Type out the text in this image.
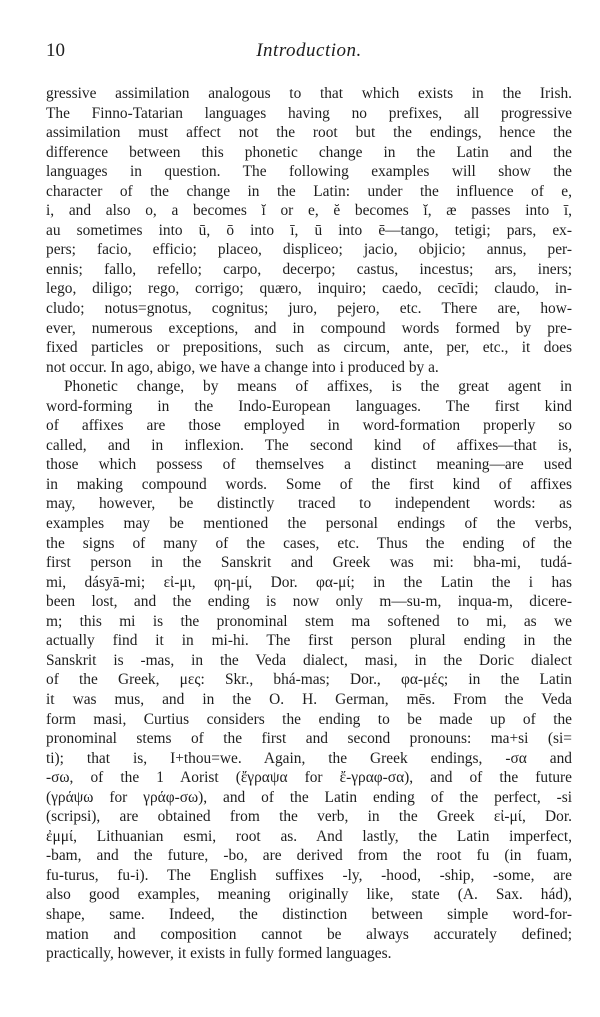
10	Introduction.
gressive assimilation analogous to that which exists in the Irish.
The Finno-Tatarian languages having no prefixes, all progressive
assimilation must affect not the root but the endings, hence the
difference between this phonetic change in the Latin and the
languages in question. The following examples will show the
character of the change in the Latin: under the influence of e,
i, and also o, a becomes ĭ or e, ĕ becomes ĭ, æ passes into ī,
au sometimes into ū, ō into ī, ū into ē—tango, tetigi; pars, ex-
pers; facio, efficio; placeo, displiceo; jacio, objicio; annus, per-
ennis; fallo, refello; carpo, decerpo; castus, incestus; ars, iners;
lego, diligo; rego, corrigo; quæro, inquiro; caedo, cecīdi; claudo, in-
cludo; notus=gnotus, cognitus; juro, pejero, etc. There are, how-
ever, numerous exceptions, and in compound words formed by pre-
fixed particles or prepositions, such as circum, ante, per, etc., it does
not occur. In ago, abigo, we have a change into i produced by a.
Phonetic change, by means of affixes, is the great agent in
word-forming in the Indo-European languages. The first kind
of affixes are those employed in word-formation properly so
called, and in inflexion. The second kind of affixes—that is,
those which possess of themselves a distinct meaning—are used
in making compound words. Some of the first kind of affixes
may, however, be distinctly traced to independent words: as
examples may be mentioned the personal endings of the verbs,
the signs of many of the cases, etc. Thus the ending of the
first person in the Sanskrit and Greek was mi: bha-mi, tudá-
mi, dásyā-mi; εἰ-μι, φη-μί, Dor. φα-μί; in the Latin the i has
been lost, and the ending is now only m—su-m, inqua-m, dicere-
m; this mi is the pronominal stem ma softened to mi, as we
actually find it in mi-hi. The first person plural ending in the
Sanskrit is -mas, in the Veda dialect, masi, in the Doric dialect
of the Greek, μες: Skr., bhá-mas; Dor., φα-μές; in the Latin
it was mus, and in the O. H. German, mēs. From the Veda
form masi, Curtius considers the ending to be made up of the
pronominal stems of the first and second pronouns: ma+si (si=
ti); that is, I+thou=we. Again, the Greek endings, -σα and
-σω, of the 1 Aorist (ἔγραψα for ἔ-γραφ-σα), and of the future
(γράψω for γράφ-σω), and of the Latin ending of the perfect, -si
(scripsi), are obtained from the verb, in the Greek εἰ-μί, Dor.
ἐμμί, Lithuanian esmi, root as. And lastly, the Latin imperfect,
-bam, and the future, -bo, are derived from the root fu (in fuam,
fu-turus, fu-i). The English suffixes -ly, -hood, -ship, -some, are
also good examples, meaning originally like, state (A. Sax. hád),
shape, same. Indeed, the distinction between simple word-for-
mation and composition cannot be always accurately defined;
practically, however, it exists in fully formed languages.
